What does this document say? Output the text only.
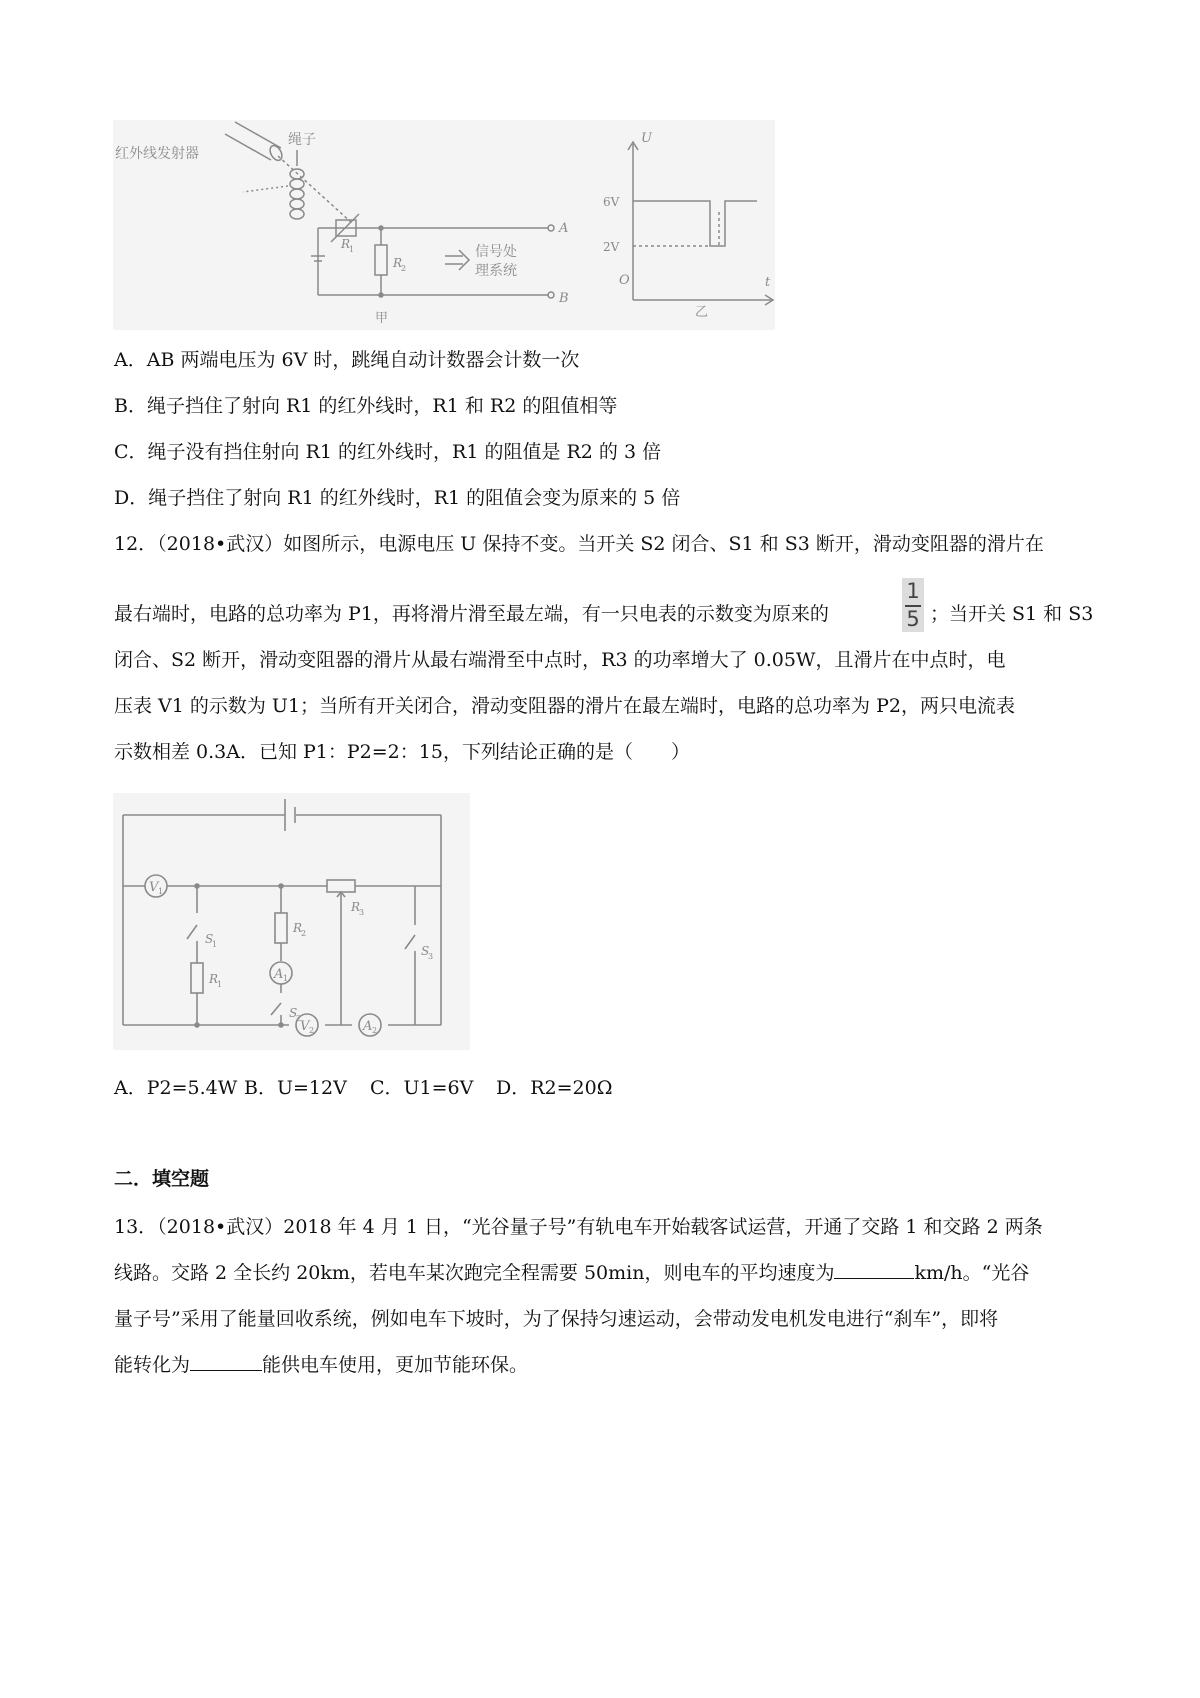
红外线发射器
绳子
R
1
R
2
A
B
信号处
理系统
甲
U
6V
2V
O	t
乙
A．AB 两端电压为 6V 时，跳绳自动计数器会计数一次
B．绳子挡住了射向 R1 的红外线时，R1 和 R2 的阻值相等
C．绳子没有挡住射向 R1 的红外线时，R1 的阻值是 R2 的 3 倍
D．绳子挡住了射向 R1 的红外线时，R1 的阻值会变为原来的 5 倍
12．（2018•武汉）如图所示，电源电压 U 保持不变。当开关 S2 闭合、S1 和 S3 断开，滑动变阻器的滑片在
最右端时，电路的总功率为 P1，再将滑片滑至最左端，有一只电表的示数变为原来的
1
5 ；当开关 S1 和 S3
闭合、S2 断开，滑动变阻器的滑片从最右端滑至中点时，R3 的功率增大了 0.05W，且滑片在中点时，电
压表 V1 的示数为 U1；当所有开关闭合，滑动变阻器的滑片在最左端时，电路的总功率为 P2，两只电流表
示数相差 0.3A．已知 P1：P2=2：15，下列结论正确的是（　　）
V 1
S
1
R
1
R
2
A 1
S
2
R
3
S
3
V 2	A 2
A．P2=5.4W B．U=12V C．U1=6V D．R2=20Ω
二．填空题
13．（2018•武汉）2018 年 4 月 1 日，“光谷量子号”有轨电车开始载客试运营，开通了交路 1 和交路 2 两条
线路。交路 2 全长约 20km，若电车某次跑完全程需要 50min，则电车的平均速度为	km/h。“光谷
量子号”采用了能量回收系统，例如电车下坡时，为了保持匀速运动，会带动发电机发电进行“刹车”，即将
能转化为	能供电车使用，更加节能环保。
